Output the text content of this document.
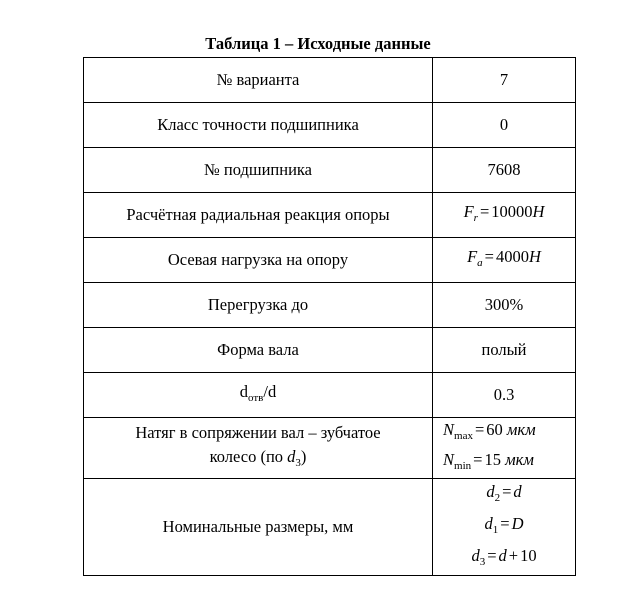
Таблица 1 – Исходные данные
№ варианта	7
Класс точности подшипника	0
№ подшипника	7608
Расчётная радиальная реакция опоры	$F_r = 10000H$
Осевая нагрузка на опору	$F_a = 4000H$
Перегрузка до	300%
Форма вала	полый
$d_{отв}/d$	0.3

Натяг в сопряжении вал – зубчатое
колесо (по $d_3$)	$N_{max} = 60$ мкм
$N_{min} = 15$ мкм

Номинальные размеры, мм	$d_2 = d$
$d_1 = D$
$d_3 = d + 10$
